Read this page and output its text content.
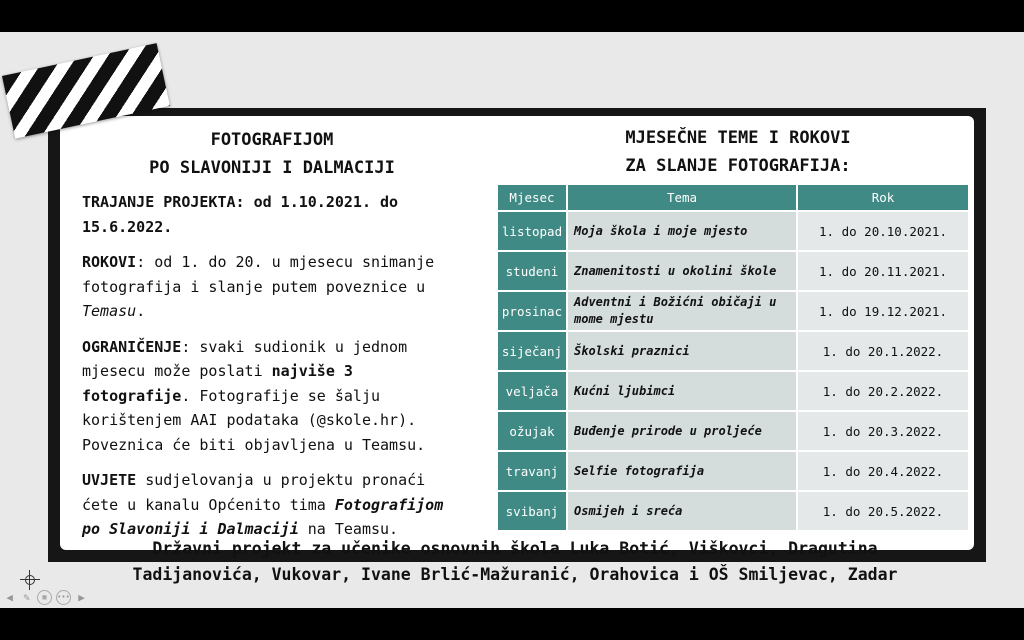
FOTOGRAFIJOM
PO SLAVONIJI I DALMACIJI

TRAJANJE PROJEKTA: od 1.10.2021. do 15.6.2022.

ROKOVI: od 1. do 20. u mjesecu snimanje fotografija i slanje putem poveznice u Temasu.

OGRANIČENJE: svaki sudionik u jednom mjesecu može poslati najviše 3 fotografije. Fotografije se šalju korištenjem AAI podataka (@skole.hr). Poveznica će biti objavljena u Teamsu.

UVJETE sudjelovanja u projektu pronaći ćete u kanalu Općenito tima Fotografijom po Slavoniji i Dalmaciji na Teamsu.

MJESEČNE TEME I ROKOVI
ZA SLANJE FOTOGRAFIJA:
Mjesec	Tema	Rok
listopad	Moja škola i moje mjesto	1. do 20.10.2021.
studeni	Znamenitosti u okolini škole	1. do 20.11.2021.
prosinac	Adventni i Božićni običaji u mome mjestu	1. do 19.12.2021.
siječanj	Školski praznici	1. do 20.1.2022.
veljača	Kućni ljubimci	1. do 20.2.2022.
ožujak	Buđenje prirode u proljeće	1. do 20.3.2022.
travanj	Selfie fotografija	1. do 20.4.2022.
svibanj	Osmijeh i sreća	1. do 20.5.2022.
Državni projekt za učenike osnovnih škola Luka Botić, Viškovci, Dragutina
Tadijanovića, Vukovar, Ivane Brlić-Mažuranić, Orahovica i OŠ Smiljevac, Zadar
◀ ✎	▦	••• ▶
